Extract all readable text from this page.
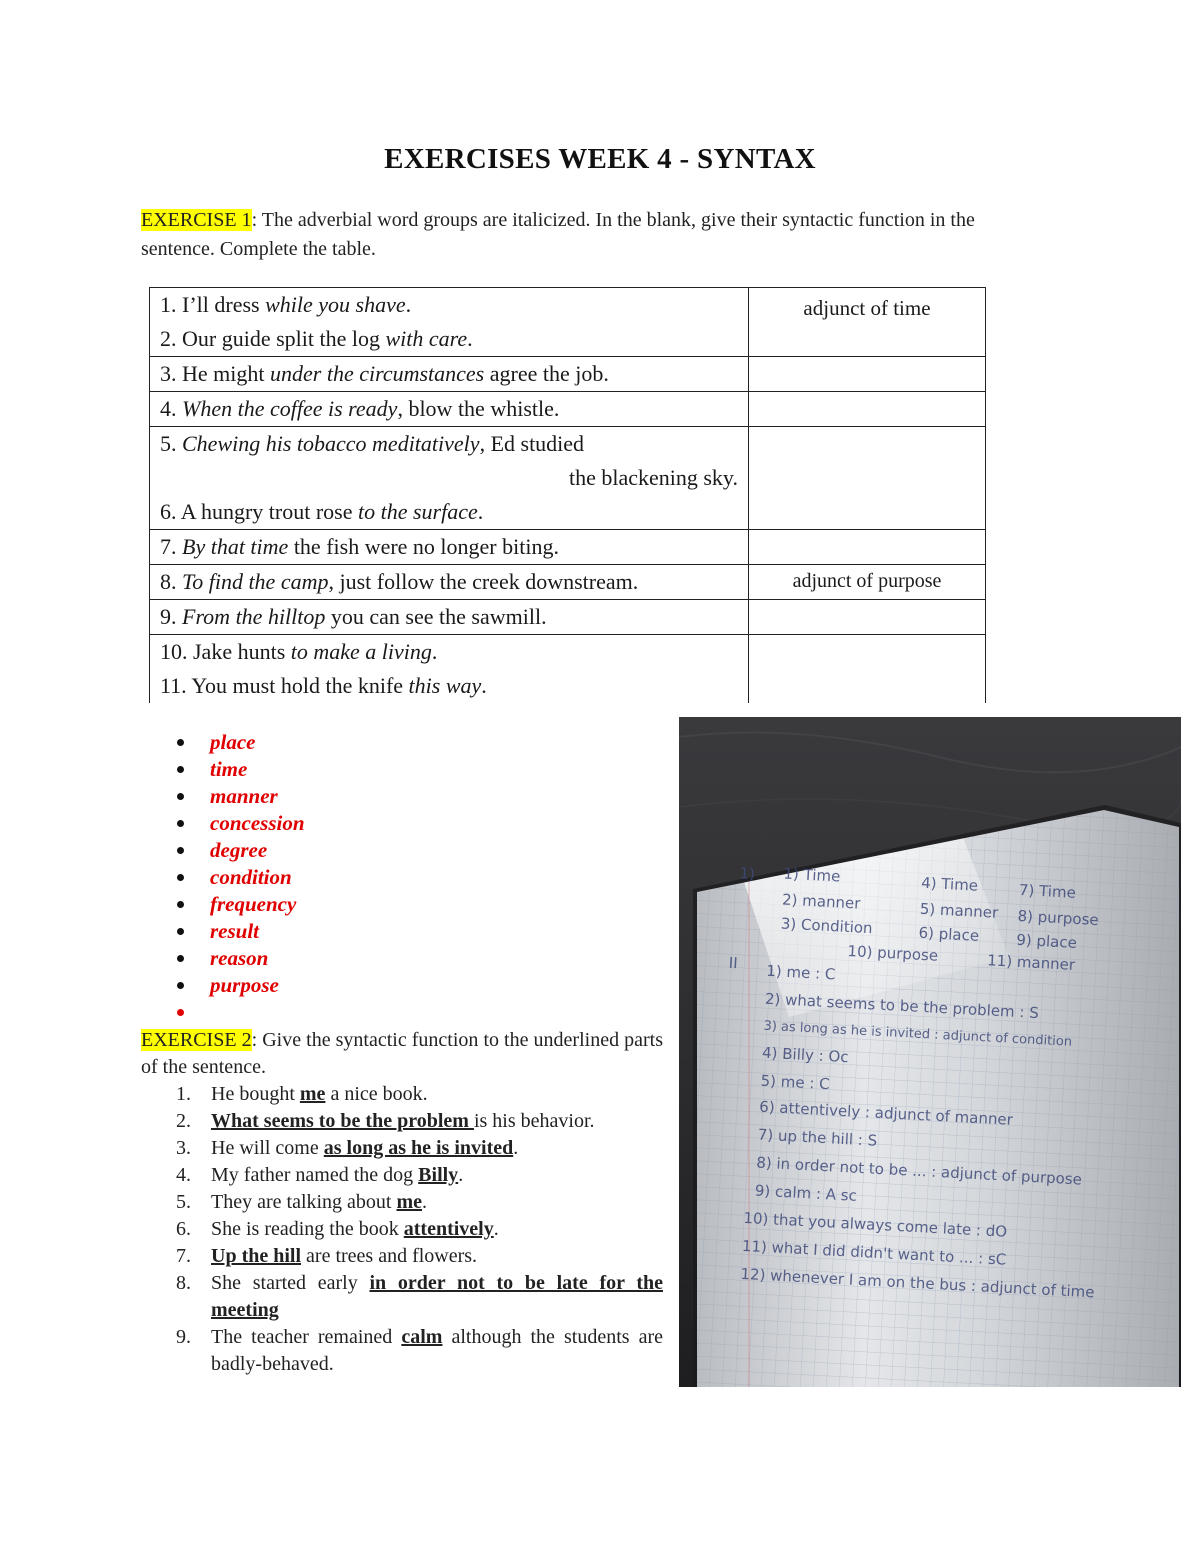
EXERCISES WEEK 4 - SYNTAX
EXERCISE 1: The adverbial word groups are italicized. In the blank, give their syntactic function in the sentence. Complete the table.
1. I’ll dress while you shave.
2. Our guide split the log with care.	adjunct of time

3. He might under the circumstances agree the job.	

4. When the coffee is ready, blow the whistle.	

5. Chewing his tobacco meditatively, Ed studied
the blackening sky.
6. A hungry trout rose to the surface.	

7. By that time the fish were no longer biting.	

8. To find the camp, just follow the creek downstream.	adjunct of purpose

9. From the hilltop you can see the sawmill.	

10. Jake hunts to make a living.
11. You must hold the knife this way.	

place
time
manner
concession
degree
condition
frequency
result
reason
purpose

EXERCISE 2: Give the syntactic function to the underlined parts of the sentence.

1. He bought me a nice book.
2. What seems to be the problem is his behavior.
3. He will come as long as he is invited.
4. My father named the dog Billy.
5. They are talking about me.
6. She is reading the book attentively.
7. Up the hill are trees and flowers.
8. She started early in order not to be late for the meeting
9. The teacher remained calm although the students are badly-behaved.
1) 1) Time	4) Time	7) Time
2) manner	5) manner 8) purpose
3) Condition	6) place 9) place
10) purpose	11) manner
II 1) me : C
2) what seems to be the problem : S
3) as long as he is invited : adjunct of condition
4) Billy : Oc
5) me : C
6) attentively : adjunct of manner
7) up the hill : S
8) in order not to be ... : adjunct of purpose
9) calm : A sc
10) that you always come late : dO
11) what I did didn't want to ... : sC
12) whenever I am on the bus : adjunct of time
